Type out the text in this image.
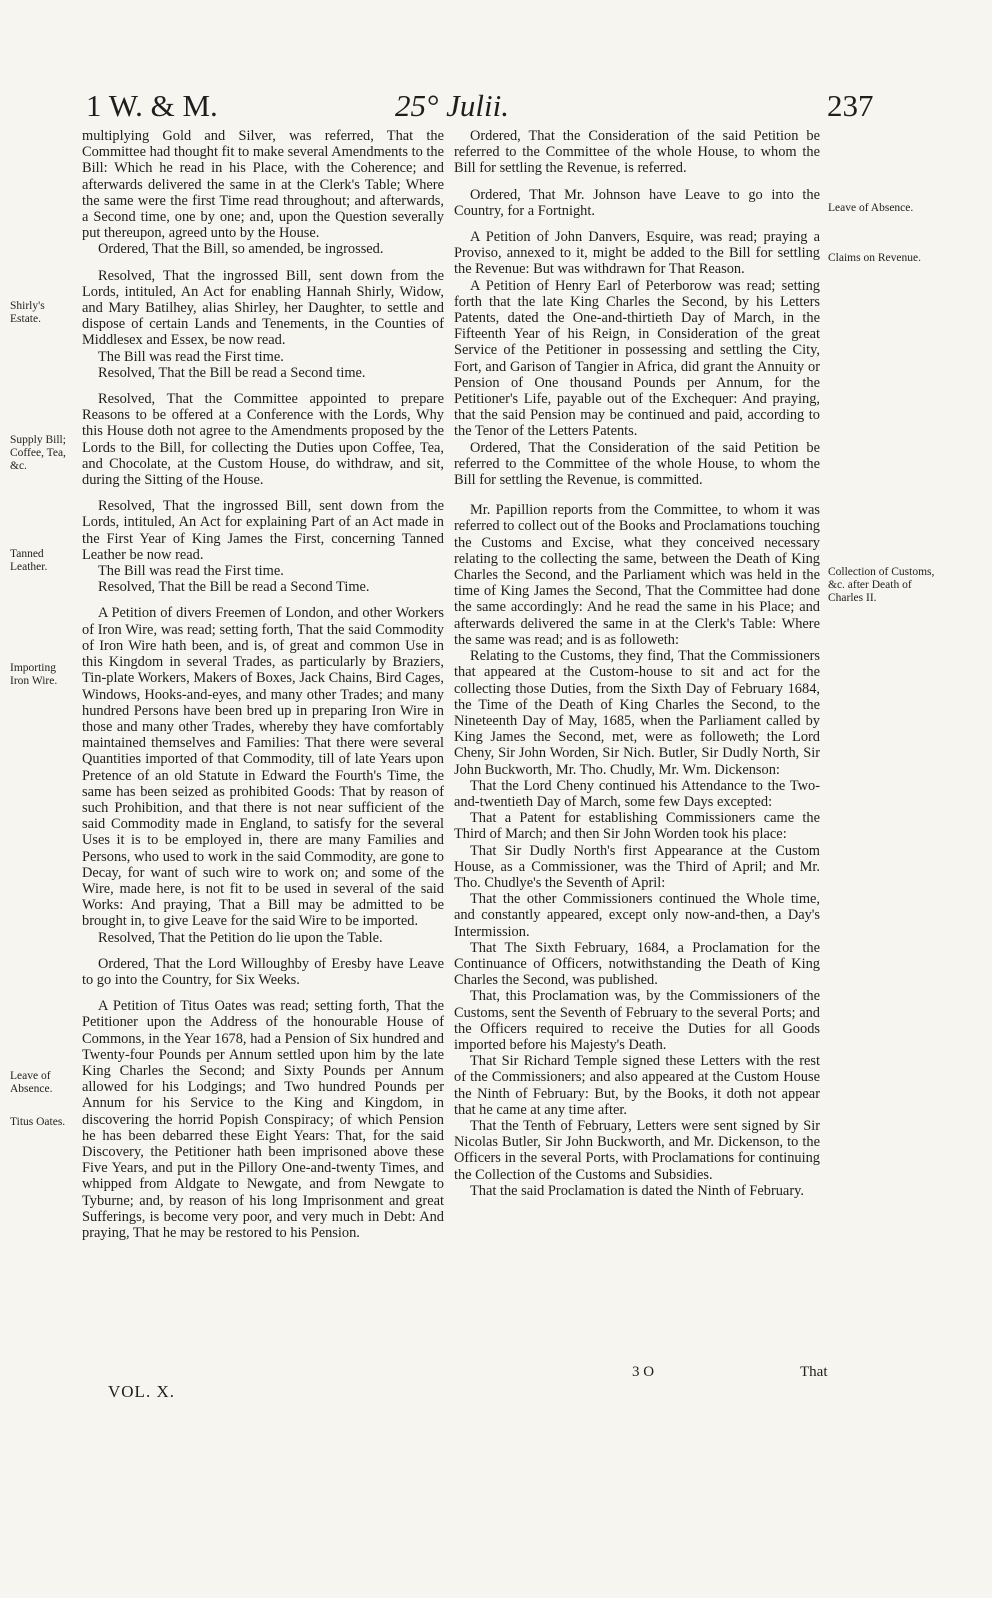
1 W. & M.	25° Julii.	237
Shirly's Estate.
Supply Bill; Coffee, Tea, &c.
Tanned Leather.
Importing Iron Wire.
Leave of Absence.
Titus Oates.
Leave of Absence.
Claims on Revenue.
Collection of Customs, &c. after Death of Charles II.

multiplying Gold and Silver, was referred, That the Committee had thought fit to make several Amendments to the Bill: Which he read in his Place, with the Coherence; and afterwards delivered the same in at the Clerk's Table; Where the same were the first Time read throughout; and afterwards, a Second time, one by one; and, upon the Question severally put thereupon, agreed unto by the House.

Ordered, That the Bill, so amended, be ingrossed.

Resolved, That the ingrossed Bill, sent down from the Lords, intituled, An Act for enabling Hannah Shirly, Widow, and Mary Batilhey, alias Shirley, her Daughter, to settle and dispose of certain Lands and Tenements, in the Counties of Middlesex and Essex, be now read.

The Bill was read the First time.

Resolved, That the Bill be read a Second time.

Resolved, That the Committee appointed to prepare Reasons to be offered at a Conference with the Lords, Why this House doth not agree to the Amendments proposed by the Lords to the Bill, for collecting the Duties upon Coffee, Tea, and Chocolate, at the Custom House, do withdraw, and sit, during the Sitting of the House.

Resolved, That the ingrossed Bill, sent down from the Lords, intituled, An Act for explaining Part of an Act made in the First Year of King James the First, concerning Tanned Leather be now read.

The Bill was read the First time.

Resolved, That the Bill be read a Second Time.

A Petition of divers Freemen of London, and other Workers of Iron Wire, was read; setting forth, That the said Commodity of Iron Wire hath been, and is, of great and common Use in this Kingdom in several Trades, as particularly by Braziers, Tin-plate Workers, Makers of Boxes, Jack Chains, Bird Cages, Windows, Hooks-and-eyes, and many other Trades; and many hundred Persons have been bred up in preparing Iron Wire in those and many other Trades, whereby they have comfortably maintained themselves and Families: That there were several Quantities imported of that Commodity, till of late Years upon Pretence of an old Statute in Edward the Fourth's Time, the same has been seized as prohibited Goods: That by reason of such Prohibition, and that there is not near sufficient of the said Commodity made in England, to satisfy for the several Uses it is to be employed in, there are many Families and Persons, who used to work in the said Commodity, are gone to Decay, for want of such wire to work on; and some of the Wire, made here, is not fit to be used in several of the said Works: And praying, That a Bill may be admitted to be brought in, to give Leave for the said Wire to be imported.

Resolved, That the Petition do lie upon the Table.

Ordered, That the Lord Willoughby of Eresby have Leave to go into the Country, for Six Weeks.

A Petition of Titus Oates was read; setting forth, That the Petitioner upon the Address of the honourable House of Commons, in the Year 1678, had a Pension of Six hundred and Twenty-four Pounds per Annum settled upon him by the late King Charles the Second; and Sixty Pounds per Annum allowed for his Lodgings; and Two hundred Pounds per Annum for his Service to the King and Kingdom, in discovering the horrid Popish Conspiracy; of which Pension he has been debarred these Eight Years: That, for the said Discovery, the Petitioner hath been imprisoned above these Five Years, and put in the Pillory One-and-twenty Times, and whipped from Aldgate to Newgate, and from Newgate to Tyburne; and, by reason of his long Imprisonment and great Sufferings, is become very poor, and very much in Debt: And praying, That he may be restored to his Pension.

Ordered, That the Consideration of the said Petition be referred to the Committee of the whole House, to whom the Bill for settling the Revenue, is referred.

Ordered, That Mr. Johnson have Leave to go into the Country, for a Fortnight.

A Petition of John Danvers, Esquire, was read; praying a Proviso, annexed to it, might be added to the Bill for settling the Revenue: But was withdrawn for That Reason.

A Petition of Henry Earl of Peterborow was read; setting forth that the late King Charles the Second, by his Letters Patents, dated the One-and-thirtieth Day of March, in the Fifteenth Year of his Reign, in Consideration of the great Service of the Petitioner in possessing and settling the City, Fort, and Garison of Tangier in Africa, did grant the Annuity or Pension of One thousand Pounds per Annum, for the Petitioner's Life, payable out of the Exchequer: And praying, that the said Pension may be continued and paid, according to the Tenor of the Letters Patents.

Ordered, That the Consideration of the said Petition be referred to the Committee of the whole House, to whom the Bill for settling the Revenue, is committed.

Mr. Papillion reports from the Committee, to whom it was referred to collect out of the Books and Proclamations touching the Customs and Excise, what they conceived necessary relating to the collecting the same, between the Death of King Charles the Second, and the Parliament which was held in the time of King James the Second, That the Committee had done the same accordingly: And he read the same in his Place; and afterwards delivered the same in at the Clerk's Table: Where the same was read; and is as followeth:

Relating to the Customs, they find, That the Commissioners that appeared at the Custom-house to sit and act for the collecting those Duties, from the Sixth Day of February 1684, the Time of the Death of King Charles the Second, to the Nineteenth Day of May, 1685, when the Parliament called by King James the Second, met, were as followeth; the Lord Cheny, Sir John Worden, Sir Nich. Butler, Sir Dudly North, Sir John Buckworth, Mr. Tho. Chudly, Mr. Wm. Dickenson:

That the Lord Cheny continued his Attendance to the Two-and-twentieth Day of March, some few Days excepted:

That a Patent for establishing Commissioners came the Third of March; and then Sir John Worden took his place:

That Sir Dudly North's first Appearance at the Custom House, as a Commissioner, was the Third of April; and Mr. Tho. Chudlye's the Seventh of April:

That the other Commissioners continued the Whole time, and constantly appeared, except only now-and-then, a Day's Intermission.

That The Sixth February, 1684, a Proclamation for the Continuance of Officers, notwithstanding the Death of King Charles the Second, was published.

That, this Proclamation was, by the Commissioners of the Customs, sent the Seventh of February to the several Ports; and the Officers required to receive the Duties for all Goods imported before his Majesty's Death.

That Sir Richard Temple signed these Letters with the rest of the Commissioners; and also appeared at the Custom House the Ninth of February: But, by the Books, it doth not appear that he came at any time after.

That the Tenth of February, Letters were sent signed by Sir Nicolas Butler, Sir John Buckworth, and Mr. Dickenson, to the Officers in the several Ports, with Proclamations for continuing the Collection of the Customs and Subsidies.

That the said Proclamation is dated the Ninth of February.

VOL. X.
3 O	That
